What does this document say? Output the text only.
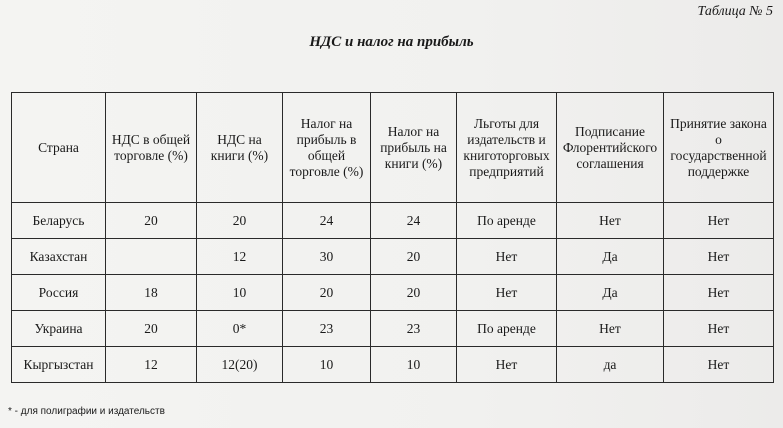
Таблица № 5
НДС и налог на прибыль
Страна	НДС в общей торговле (%)	НДС на книги (%)	Налог на прибыль в общей торговле (%)	Налог на прибыль на книги (%)	Льготы для издательств и книготорговых предприятий	Подписание Флорентийского соглашения	Принятие закона о государственной поддержке
Беларусь	20	20	24	24	По аренде	Нет	Нет
Казахстан		12	30	20	Нет	Да	Нет
Россия	18	10	20	20	Нет	Да	Нет
Украина	20	0*	23	23	По аренде	Нет	Нет
Кыргызстан	12	12(20)	10	10	Нет	да	Нет
* - для полиграфии и издательств
